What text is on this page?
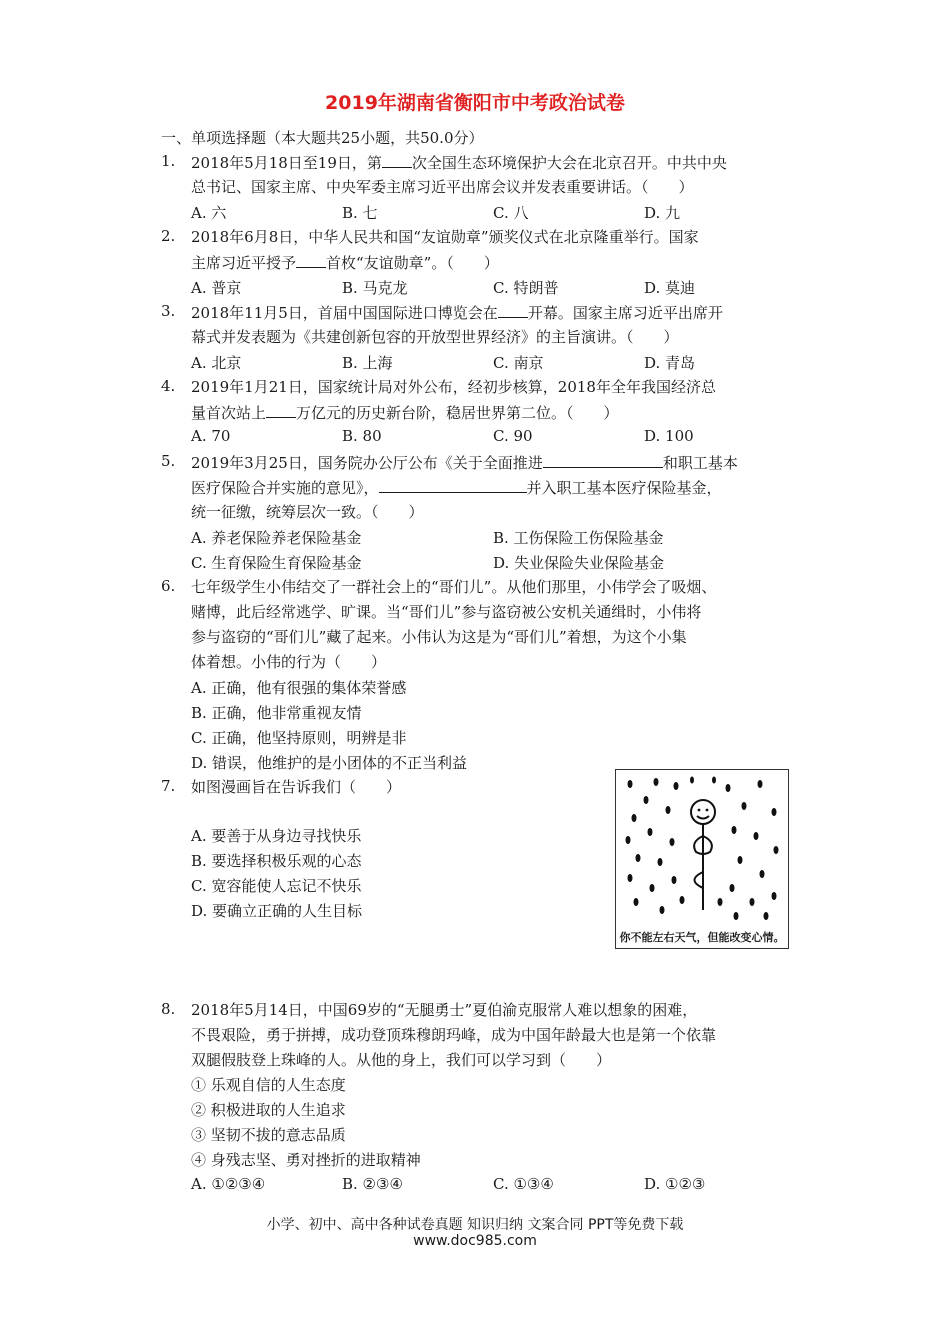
2019年湖南省衡阳市中考政治试卷
一、单项选择题（本大题共25小题，共50.0分）
1. 2018年5月18日至19日，第 次全国生态环境保护大会在北京召开。中共中央
总书记、国家主席、中央军委主席习近平出席会议并发表重要讲话。（　　）
A. 六	B. 七	C. 八	D. 九
2. 2018年6月8日，中华人民共和国“友谊勋章”颁奖仪式在北京隆重举行。国家
主席习近平授予 首枚“友谊勋章”。（　　）
A. 普京	B. 马克龙	C. 特朗普	D. 莫迪
3. 2018年11月5日，首届中国国际进口博览会在 开幕。国家主席习近平出席开
幕式并发表题为《共建创新包容的开放型世界经济》的主旨演讲。（　　）
A. 北京	B. 上海	C. 南京	D. 青岛
4. 2019年1月21日，国家统计局对外公布，经初步核算，2018年全年我国经济总
量首次站上 万亿元的历史新台阶，稳居世界第二位。（　　）
A. 70	B. 80	C. 90	D. 100
5. 2019年3月25日，国务院办公厅公布《关于全面推进	和职工基本
医疗保险合并实施的意见》，	并入职工基本医疗保险基金，
统一征缴，统筹层次一致。（　　）
A. 养老保险养老保险基金	B. 工伤保险工伤保险基金
C. 生育保险生育保险基金	D. 失业保险失业保险基金
6. 七年级学生小伟结交了一群社会上的“哥们儿”。从他们那里，小伟学会了吸烟、
赌博，此后经常逃学、旷课。当“哥们儿”参与盗窃被公安机关通缉时，小伟将
参与盗窃的“哥们儿”藏了起来。小伟认为这是为“哥们儿”着想，为这个小集
体着想。小伟的行为（　　）
A. 正确，他有很强的集体荣誉感
B. 正确，他非常重视友情
C. 正确，他坚持原则，明辨是非
D. 错误，他维护的是小团体的不正当利益
7. 如图漫画旨在告诉我们（　　）
A. 要善于从身边寻找快乐
B. 要选择积极乐观的心态
C. 宽容能使人忘记不快乐
D. 要确立正确的人生目标
你不能左右天气，但能改变心情。
8. 2018年5月14日，中国69岁的“无腿勇士”夏伯渝克服常人难以想象的困难，
不畏艰险，勇于拼搏，成功登顶珠穆朗玛峰，成为中国年龄最大也是第一个依靠
双腿假肢登上珠峰的人。从他的身上，我们可以学习到（　　）
① 乐观自信的人生态度
② 积极进取的人生追求
③ 坚韧不拔的意志品质
④ 身残志坚、勇对挫折的进取精神
A. ①②③④	B. ②③④	C. ①③④	D. ①②③
小学、初中、高中各种试卷真题 知识归纳 文案合同 PPT等免费下载
www.doc985.com
